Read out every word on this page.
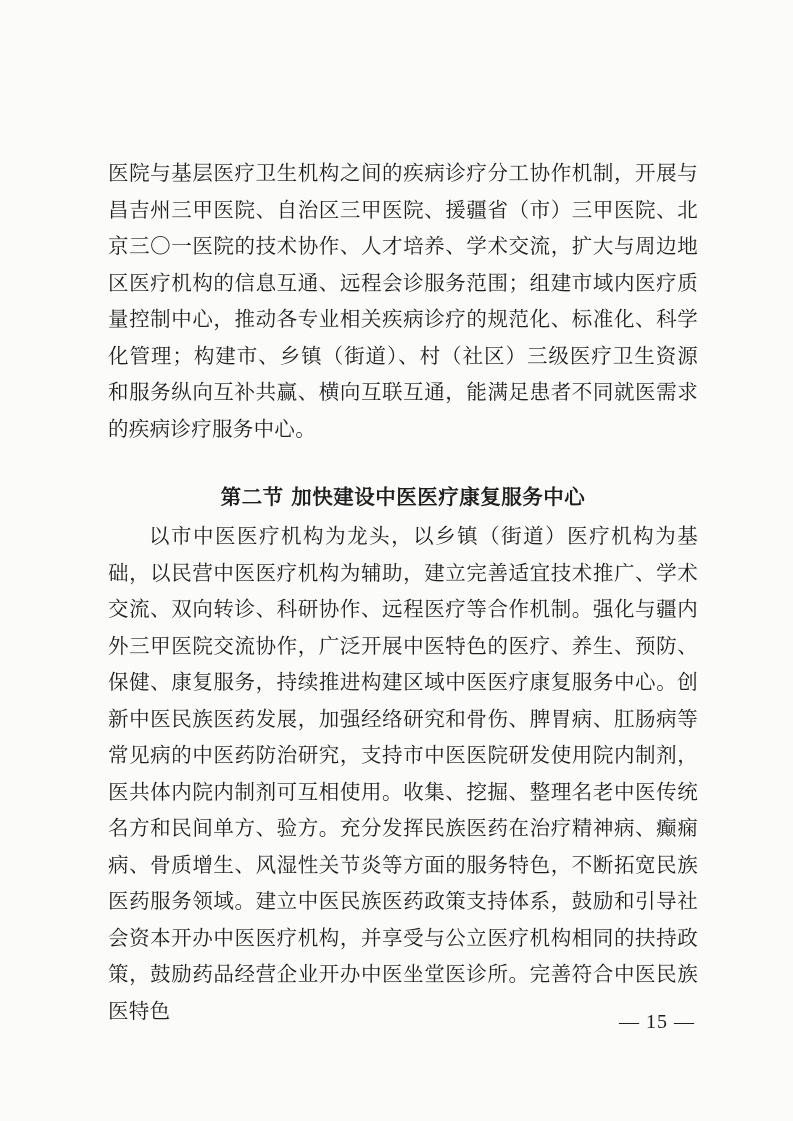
医院与基层医疗卫生机构之间的疾病诊疗分工协作机制，开展与昌吉州三甲医院、自治区三甲医院、援疆省（市）三甲医院、北京三〇一医院的技术协作、人才培养、学术交流，扩大与周边地区医疗机构的信息互通、远程会诊服务范围；组建市域内医疗质量控制中心，推动各专业相关疾病诊疗的规范化、标准化、科学化管理；构建市、乡镇（街道）、村（社区）三级医疗卫生资源和服务纵向互补共赢、横向互联互通，能满足患者不同就医需求的疾病诊疗服务中心。

第二节 加快建设中医医疗康复服务中心

以市中医医疗机构为龙头，以乡镇（街道）医疗机构为基础，以民营中医医疗机构为辅助，建立完善适宜技术推广、学术交流、双向转诊、科研协作、远程医疗等合作机制。强化与疆内外三甲医院交流协作，广泛开展中医特色的医疗、养生、预防、保健、康复服务，持续推进构建区域中医医疗康复服务中心。创新中医民族医药发展，加强经络研究和骨伤、脾胃病、肛肠病等常见病的中医药防治研究，支持市中医医院研发使用院内制剂，医共体内院内制剂可互相使用。收集、挖掘、整理名老中医传统名方和民间单方、验方。充分发挥民族医药在治疗精神病、癫痫病、骨质增生、风湿性关节炎等方面的服务特色，不断拓宽民族医药服务领域。建立中医民族医药政策支持体系，鼓励和引导社会资本开办中医医疗机构，并享受与公立医疗机构相同的扶持政策，鼓励药品经营企业开办中医坐堂医诊所。完善符合中医民族医特色	— 15 —
